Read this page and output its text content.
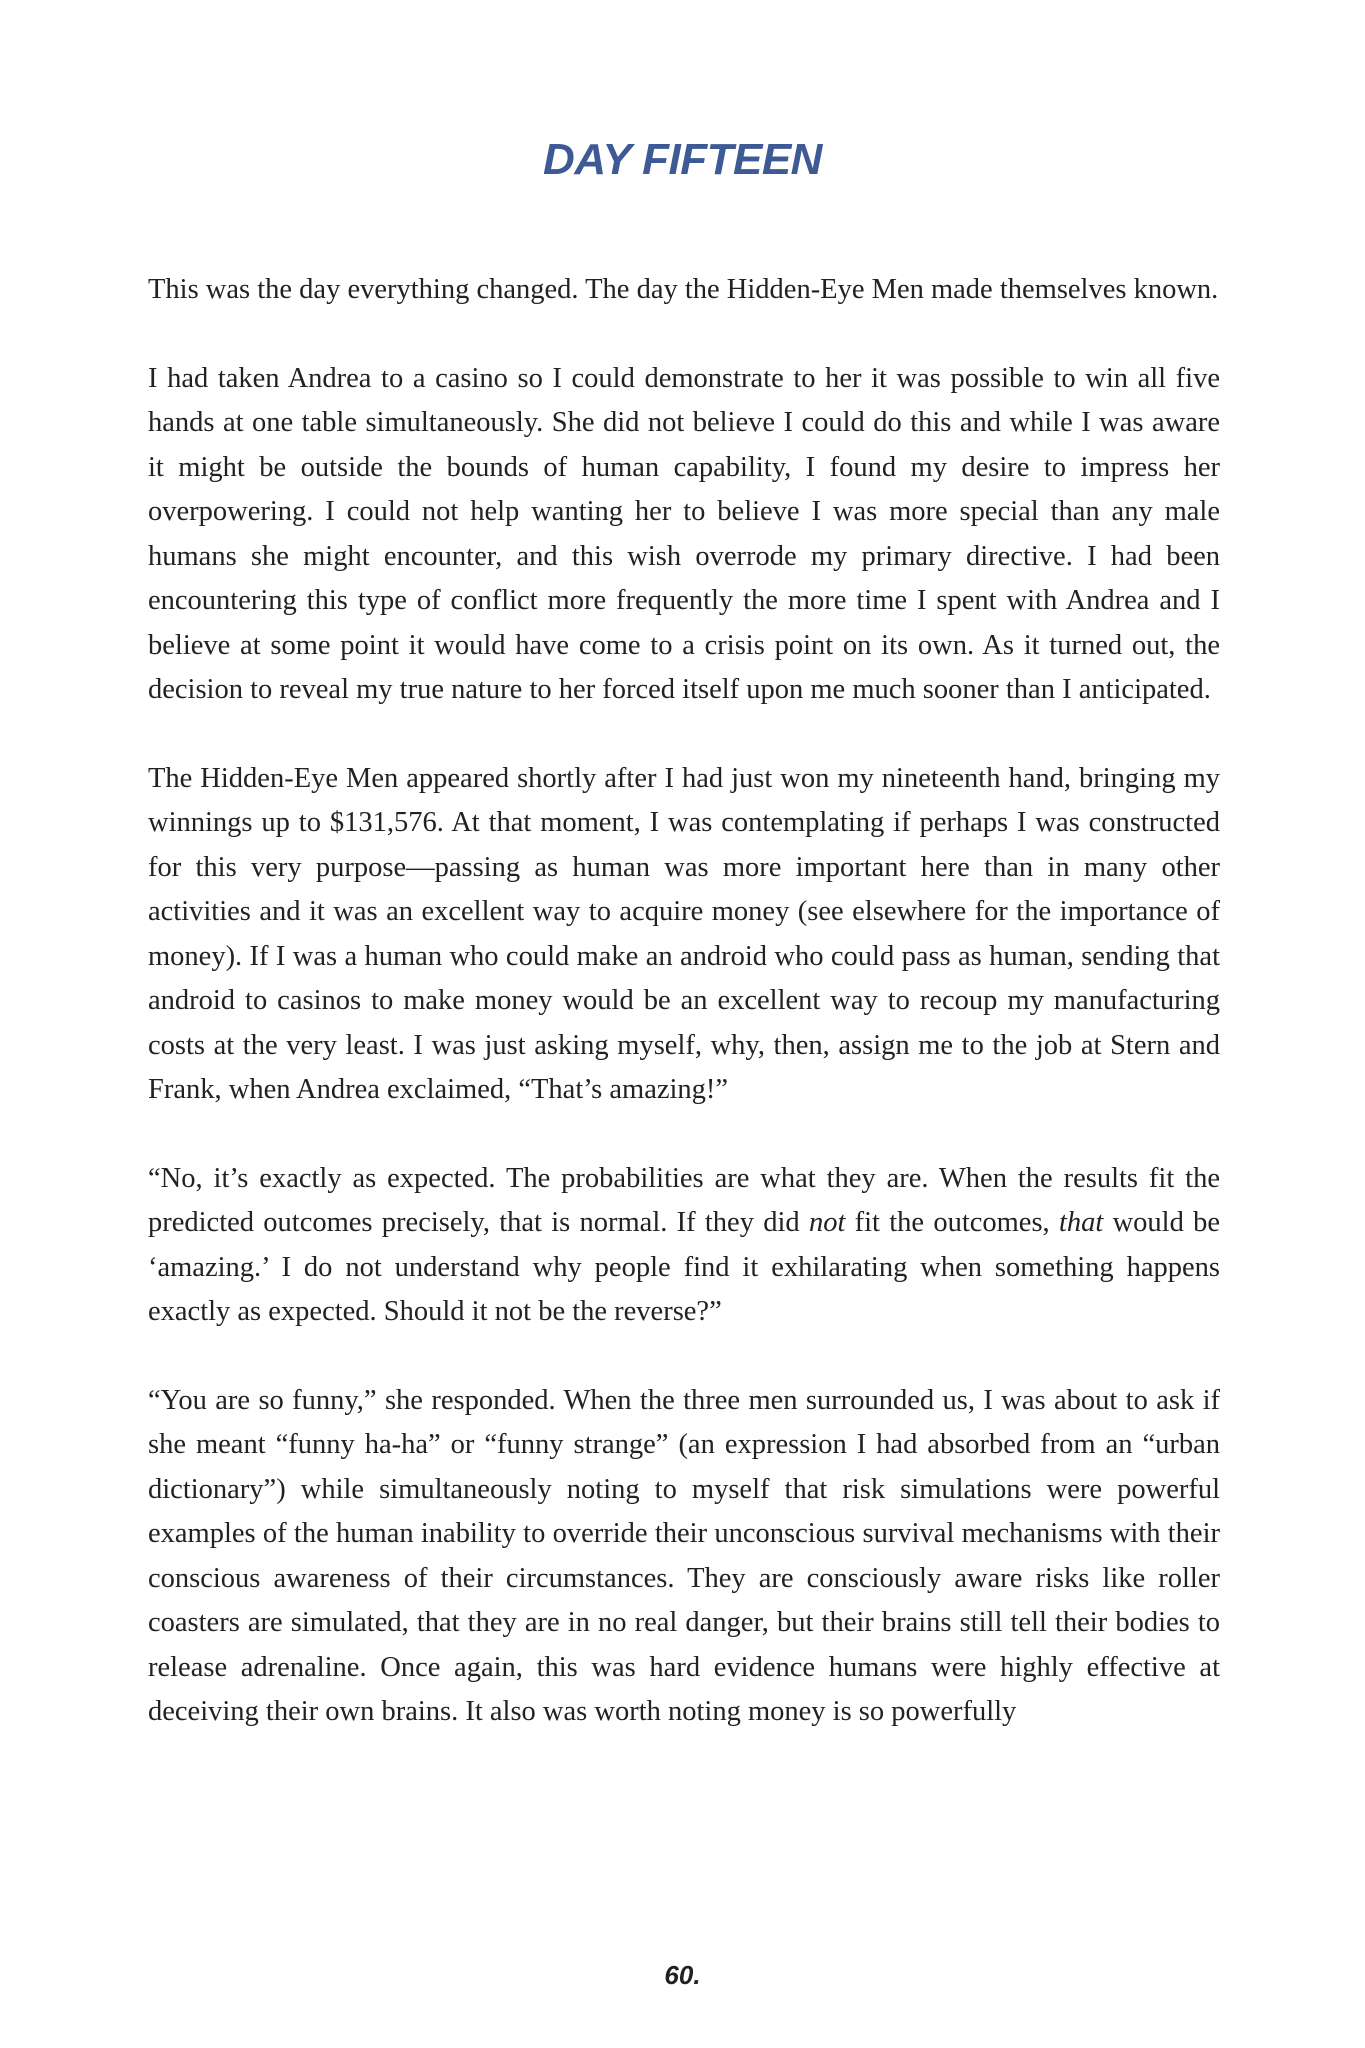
DAY FIFTEEN

This was the day everything changed. The day the Hidden-Eye Men made themselves known.

I had taken Andrea to a casino so I could demonstrate to her it was possible to win all five hands at one table simultaneously. She did not believe I could do this and while I was aware it might be outside the bounds of human capability, I found my desire to impress her overpowering. I could not help wanting her to believe I was more special than any male humans she might encounter, and this wish overrode my primary directive. I had been encountering this type of conflict more frequently the more time I spent with Andrea and I believe at some point it would have come to a crisis point on its own. As it turned out, the decision to reveal my true nature to her forced itself upon me much sooner than I anticipated.

The Hidden-Eye Men appeared shortly after I had just won my nineteenth hand, bringing my winnings up to $131,576. At that moment, I was contemplating if perhaps I was constructed for this very purpose—passing as human was more important here than in many other activities and it was an excellent way to acquire money (see elsewhere for the importance of money). If I was a human who could make an android who could pass as human, sending that android to casinos to make money would be an excellent way to recoup my manufacturing costs at the very least. I was just asking myself, why, then, assign me to the job at Stern and Frank, when Andrea exclaimed, “That’s amazing!”

“No, it’s exactly as expected. The probabilities are what they are. When the results fit the predicted outcomes precisely, that is normal. If they did not fit the outcomes, that would be ‘amazing.’ I do not understand why people find it exhilarating when something happens exactly as expected. Should it not be the reverse?”

“You are so funny,” she responded. When the three men surrounded us, I was about to ask if she meant “funny ha-ha” or “funny strange” (an expression I had absorbed from an “urban dictionary”) while simultaneously noting to myself that risk simulations were powerful examples of the human inability to override their unconscious survival mechanisms with their conscious awareness of their circumstances. They are consciously aware risks like roller coasters are simulated, that they are in no real danger, but their brains still tell their bodies to release adrenaline. Once again, this was hard evidence humans were highly effective at deceiving their own brains. It also was worth noting money is so powerfully

60.
